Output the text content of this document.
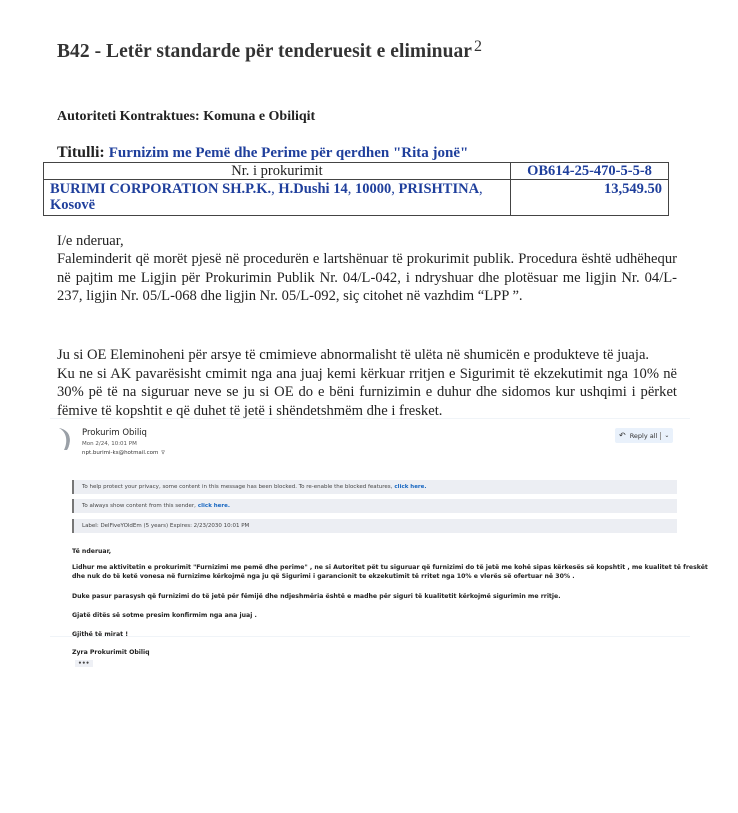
B42 - Letër standarde për tenderuesit e eliminuar $^2$
Autoriteti Kontraktues: Komuna e Obiliqit
Titulli: Furnizim me Pemë dhe Perime për qerdhen "Rita jonë"
Nr. i prokurimit	OB614-25-470-5-5-8
BURIMI CORPORATION SH.P.K., H.Dushi 14, 10000, PRISHTINA,
Kosovë	13,549.50
I/e nderuar,
Faleminderit që morët pjesë në procedurën e lartshënuar të prokurimit publik. Procedura është udhëhequr në pajtim me Ligjin për Prokurimin Publik Nr. 04/L-042, i ndryshuar dhe plotësuar me ligjin Nr. 04/L-237, ligjin Nr. 05/L-068 dhe ligjin Nr. 05/L-092, siç citohet në vazhdim “LPP ”.

Ju si OE Eleminoheni për arsye të cmimieve abnormalisht të ulëta në shumicën e produkteve të juaja.

Ku ne si AK pavarësisht cmimit nga ana juaj kemi kërkuar rritjen e Sigurimit të ekzekutimit nga 10% në 30% pë të na siguruar neve se ju si OE do e bëni furnizimin e duhur dhe sidomos kur ushqimi i përket fëmive të kopshtit e që duhet të jetë i shëndetshmëm dhe i fresket.

Prokurim Obiliq
Mon 2/24, 10:01 PM
npt.burimi-ks@hotmail.com ∇
↶ Reply all ⌄
To help protect your privacy, some content in this message has been blocked. To re-enable the blocked features, click here.
To always show content from this sender, click here.
Label: DelFiveYOldEm (5 years) Expires: 2/23/2030 10:01 PM
Të nderuar,
Lidhur me aktivitetin e prokurimit "Furnizimi me pemë dhe perime" , ne si Autoritet pët tu siguruar që furnizimi do të jetë me kohë sipas kërkesës së kopshtit , me kualitet të freskët
dhe nuk do të ketë vonesa në furnizime kërkojmë nga ju që Sigurimi i garancionit te ekzekutimit të rritet nga 10% e vlerës së ofertuar në 30% .
Duke pasur parasysh që furnizimi do të jetë për fëmijë dhe ndjeshmëria është e madhe për siguri të kualitetit kërkojmë sigurimin me rritje.
Gjatë ditës së sotme presim konfirmim nga ana juaj .
Gjithë të mirat !
Zyra Prokurimit Obiliq
•••
